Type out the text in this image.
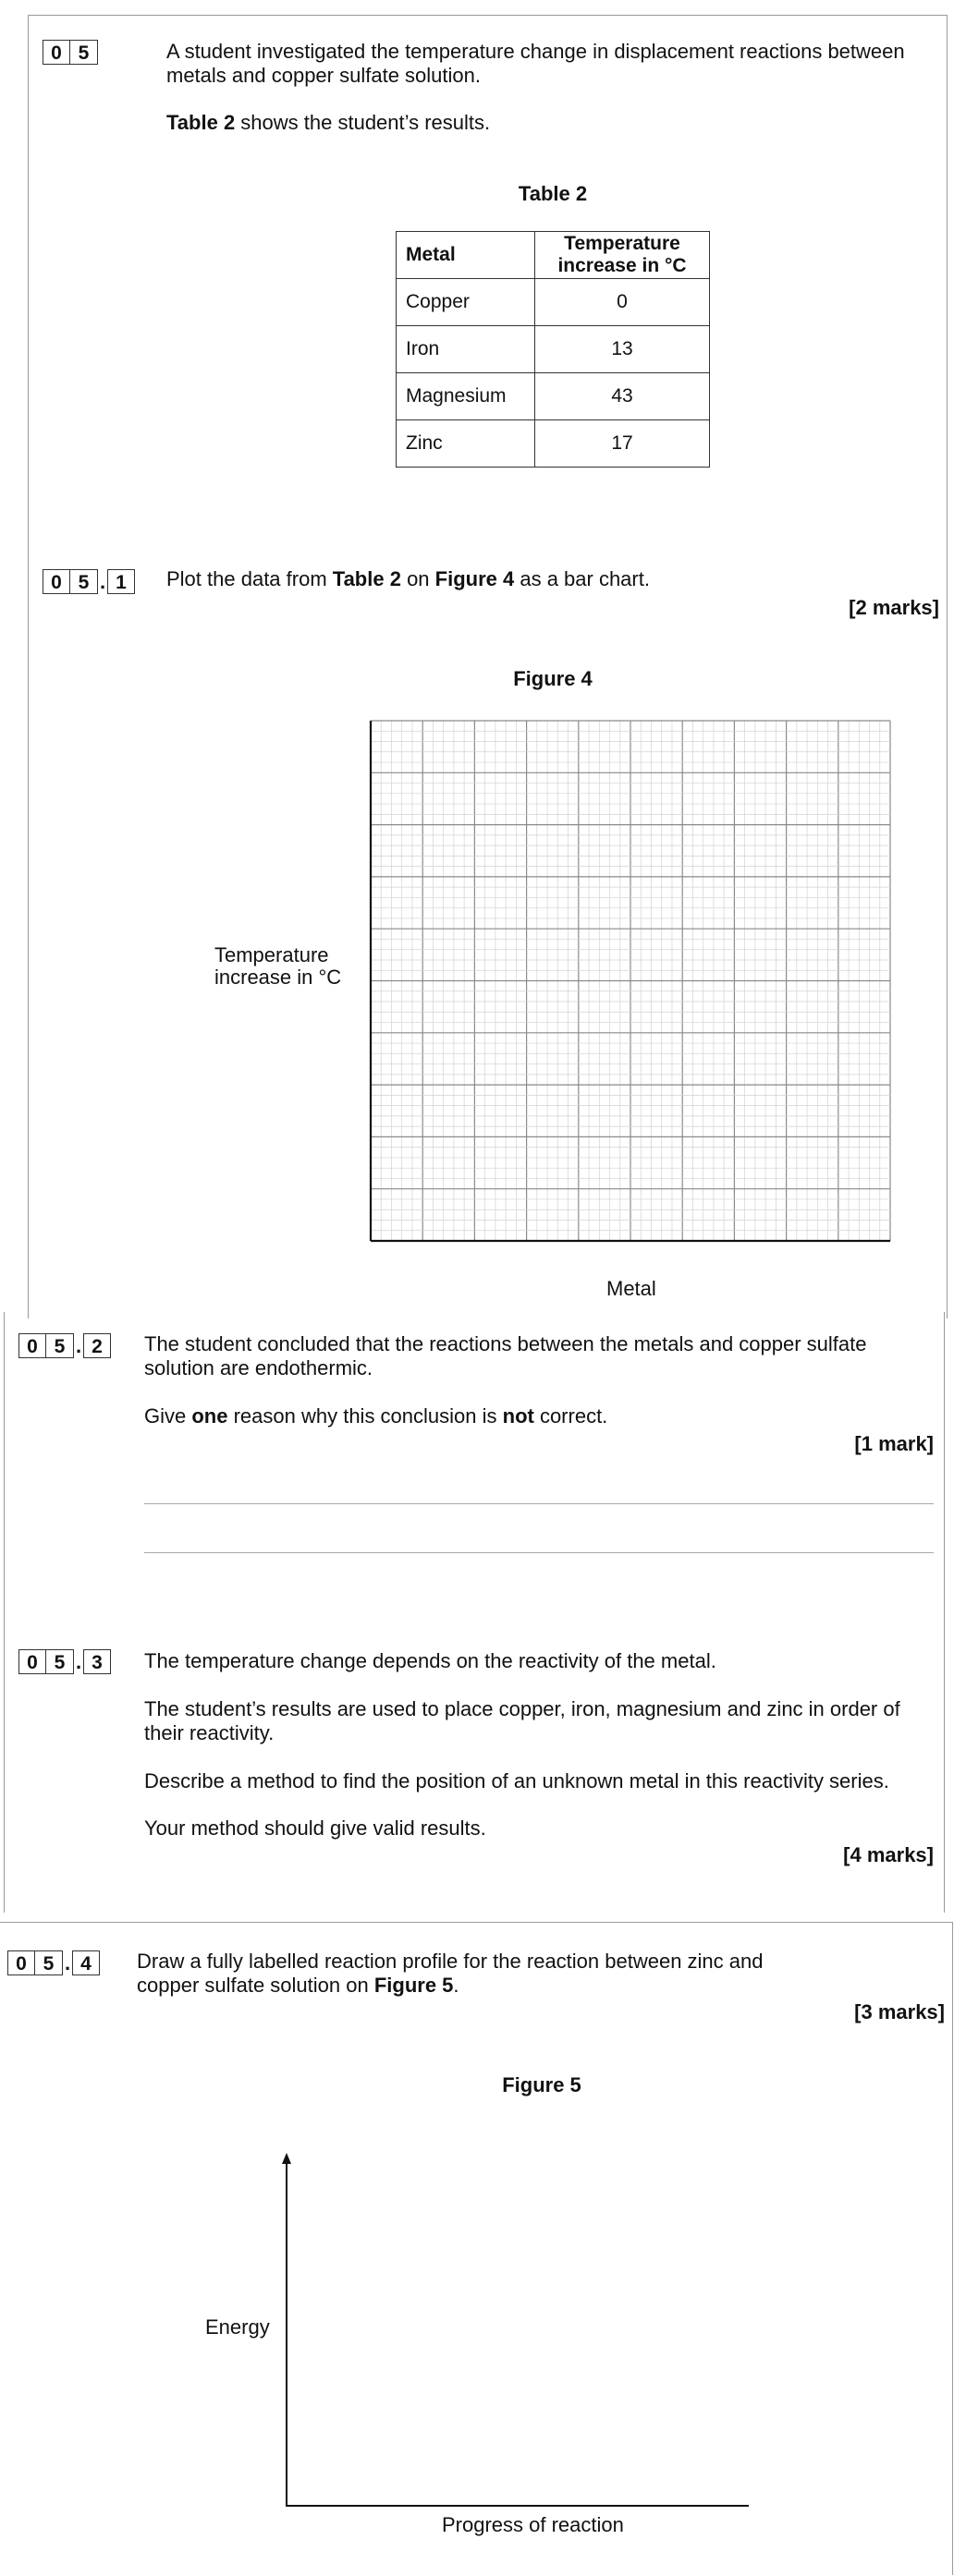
0 5	A student investigated the temperature change in displacement reactions between metals and copper sulfate solution.
Table 2 shows the student’s results.
Table 2
Metal	Temperature increase in °C
Copper	0
Iron	13
Magnesium	43
Zinc	17
0 5 . 1	Plot the data from Table 2 on Figure 4 as a bar chart.
[2 marks]
Figure 4
Temperature increase in °C
Metal
0 5 . 2	The student concluded that the reactions between the metals and copper sulfate solution are endothermic.
Give one reason why this conclusion is not correct.
[1 mark]
0 5 . 3	The temperature change depends on the reactivity of the metal.
The student’s results are used to place copper, iron, magnesium and zinc in order of their reactivity.
Describe a method to find the position of an unknown metal in this reactivity series.
Your method should give valid results.
[4 marks]
0 5 . 4	Draw a fully labelled reaction profile for the reaction between zinc and copper sulfate solution on Figure 5.
[3 marks]
Figure 5
Energy
Progress of reaction
